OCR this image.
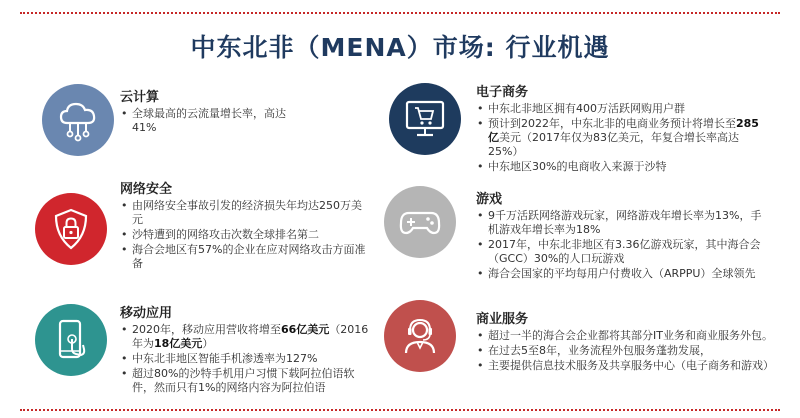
中东北非（MENA）市场: 行业机遇
云计算
• 全球最高的云流量增长率，高达41%
网络安全
• 由网络安全事故引发的经济损失年均达250万美元
• 沙特遭到的网络攻击次数全球排名第二
• 海合会地区有57%的企业在应对网络攻击方面准备
移动应用
• 2020年，移动应用营收将增至66亿美元（2016年为18亿美元）
• 中东北非地区智能手机渗透率为127%
• 超过80%的沙特手机用户习惯下载阿拉伯语软件，然而只有1%的网络内容为阿拉伯语
电子商务
• 中东北非地区拥有400万活跃网购用户群
• 预计到2022年，中东北非的电商业务预计将增长至285亿美元（2017年仅为83亿美元，年复合增长率高达25%）
• 中东地区30%的电商收入来源于沙特
游戏
• 9千万活跃网络游戏玩家，网络游戏年增长率为13%，手机游戏年增长率为18%
• 2017年，中东北非地区有3.36亿游戏玩家，其中海合会（GCC）30%的人口玩游戏
• 海合会国家的平均每用户付费收入（ARPPU）全球领先
商业服务
• 超过一半的海合会企业都将其部分IT业务和商业服务外包。
• 在过去5至8年，业务流程外包服务蓬勃发展，
• 主要提供信息技术服务及共享服务中心（电子商务和游戏）
